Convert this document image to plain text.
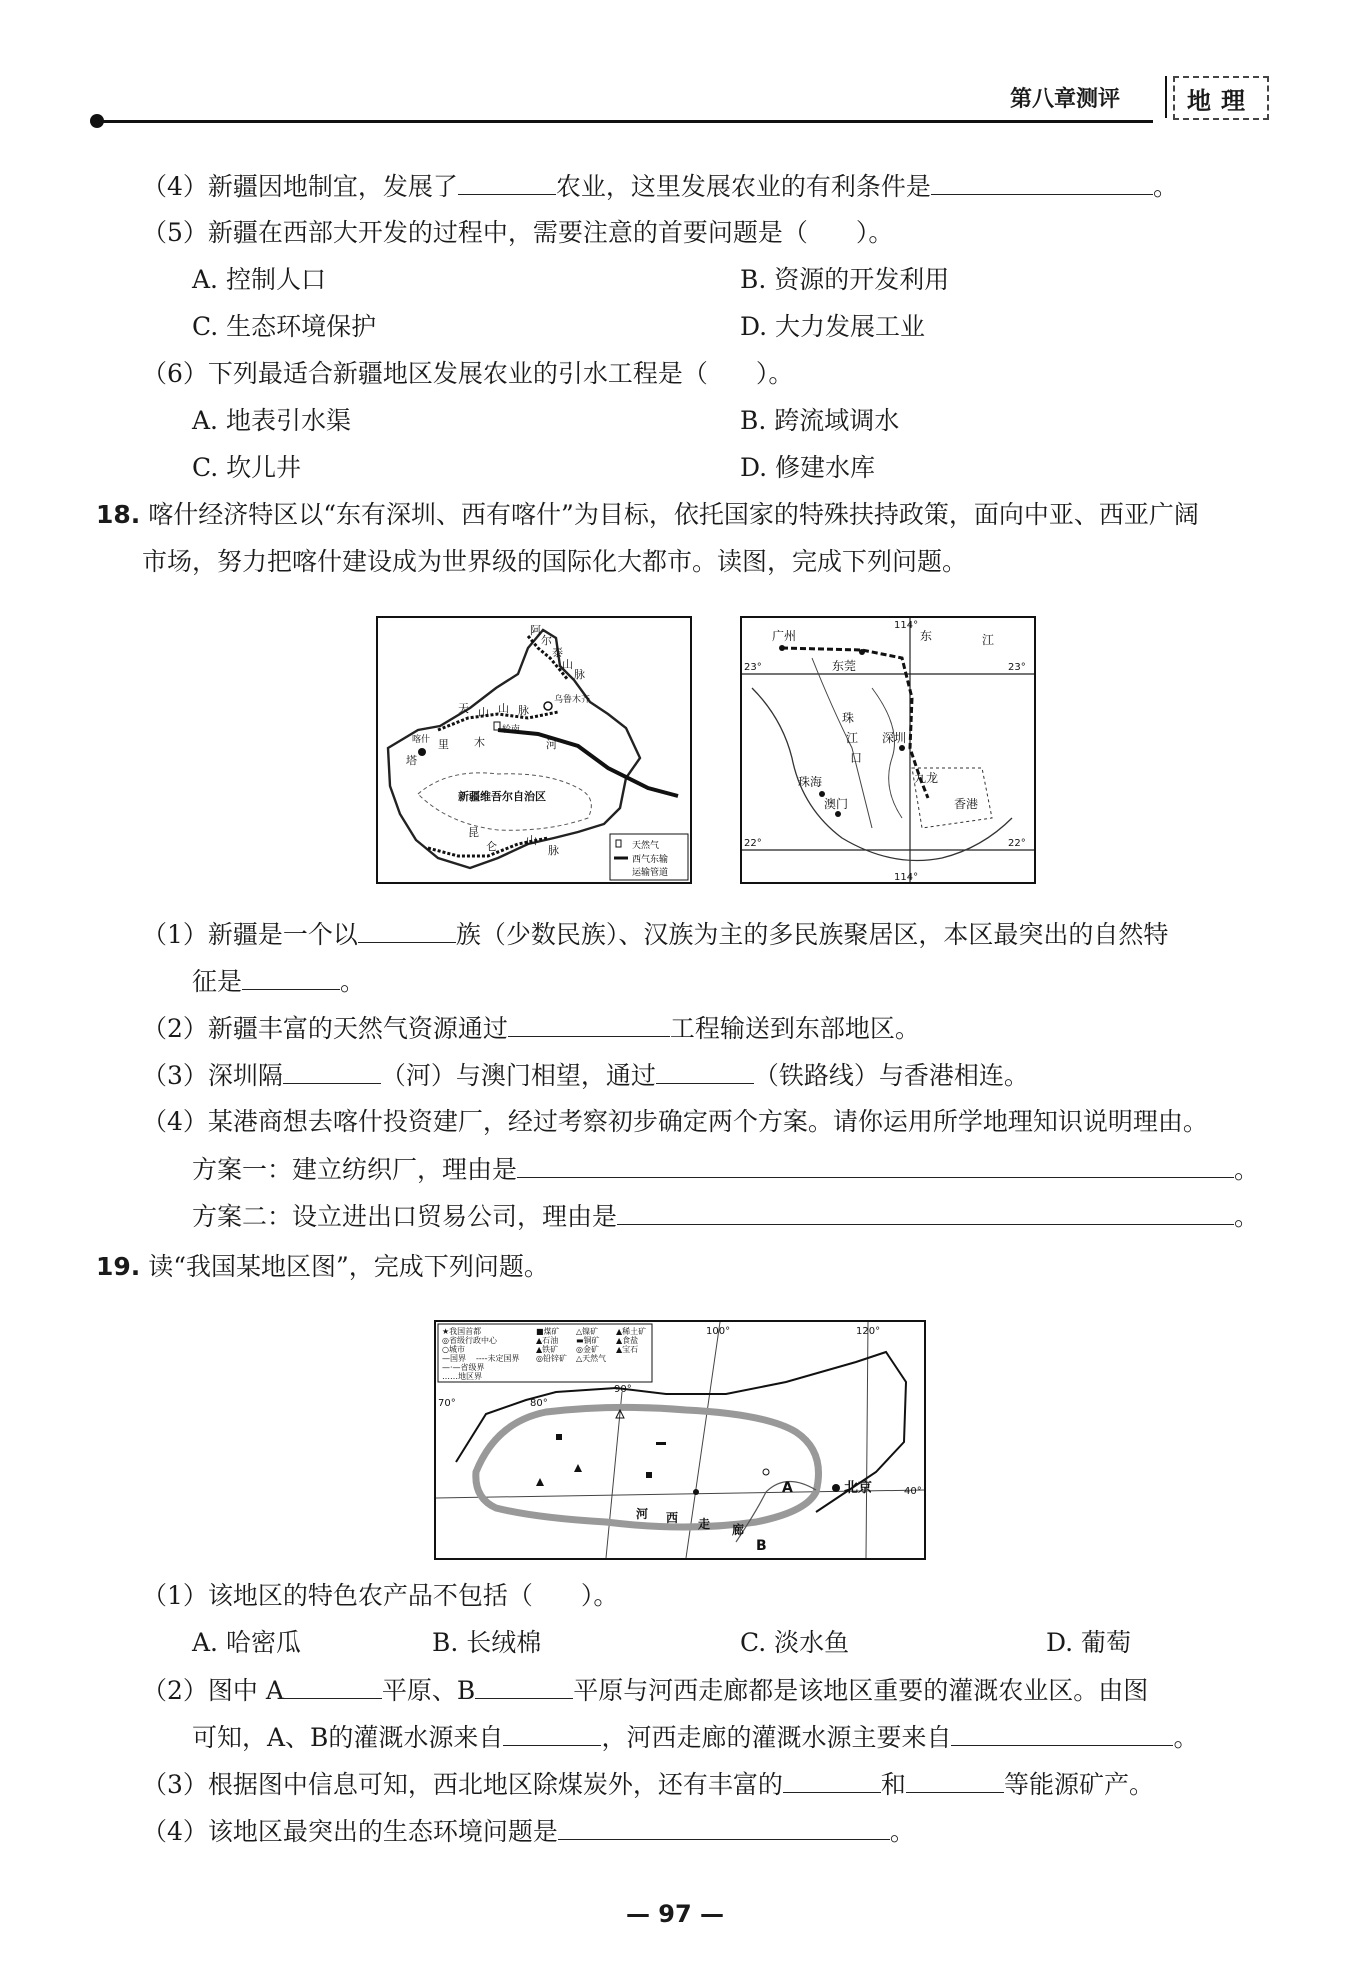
第八章测评	地理
（4）新疆因地制宜，发展了	农业，这里发展农业的有利条件是	。
（5）新疆在西部大开发的过程中，需要注意的首要问题是（ ）。
A. 控制人口	B. 资源的开发利用
C. 生态环境保护	D. 大力发展工业
（6）下列最适合新疆地区发展农业的引水工程是（ ）。
A. 地表引水渠	B. 跨流域调水
C. 坎儿井	D. 修建水库
18. 喀什经济特区以“东有深圳、西有喀什”为目标，依托国家的特殊扶持政策，面向中亚、西亚广阔
市场，努力把喀什建设成为世界级的国际化大都市。读图，完成下列问题。
阿
尔
泰
山
脉
天 山 山 脉
乌鲁木齐
喀什
轮南
塔
里 木	河
新疆维吾尔自治区
昆
仑	山
脉	天然气
西气东输
运输管道
广州	东	江
东莞
珠
江
口
深圳
九龙
珠海
澳门	香港
114°
23°	23°
22°	22°
114°
（1）新疆是一个以	族（少数民族）、汉族为主的多民族聚居区，本区最突出的自然特
征是	。
（2）新疆丰富的天然气资源通过	工程输送到东部地区。
（3）深圳隔	（河）与澳门相望，通过	（铁路线）与香港相连。
（4）某港商想去喀什投资建厂，经过考察初步确定两个方案。请你运用所学地理知识说明理由。
方案一：建立纺织厂，理由是	。
方案二：设立进出口贸易公司，理由是	。
19. 读“我国某地区图”，完成下列问题。
★我国首都
◎省级行政中心
○城市
—国界 ----未定国界
—·—省级界
……地区界
■煤矿
▲石油
▲铁矿
◎铅锌矿
△镍矿
▬铜矿
◎金矿
△天然气
▲稀土矿
▲食盐
▲宝石
100°	120°
90°
70°	80°
40°
A	北京
河 西 走 廊
B
（1）该地区的特色农产品不包括（ ）。
A. 哈密瓜	B. 长绒棉	C. 淡水鱼	D. 葡萄
（2）图中 A	平原、B	平原与河西走廊都是该地区重要的灌溉农业区。由图
可知，A、B的灌溉水源来自	，河西走廊的灌溉水源主要来自	。
（3）根据图中信息可知，西北地区除煤炭外，还有丰富的	和	等能源矿产。
（4）该地区最突出的生态环境问题是	。
— 97 —
